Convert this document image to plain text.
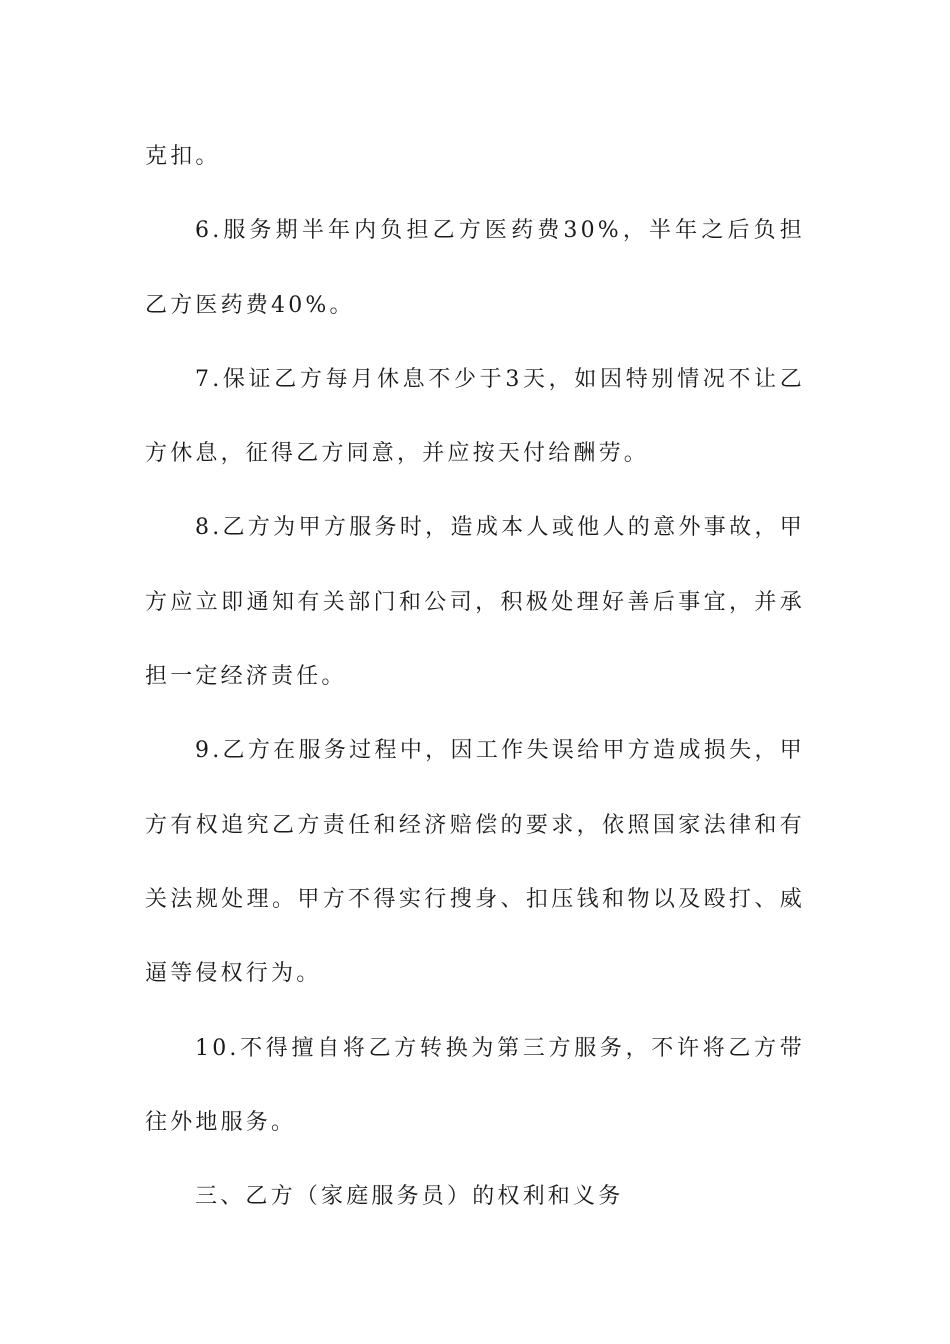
克扣。

6.服务期半年内负担乙方医药费30%，半年之后负担乙方医药费40%。

7.保证乙方每月休息不少于3天，如因特别情况不让乙方休息，征得乙方同意，并应按天付给酬劳。

8.乙方为甲方服务时，造成本人或他人的意外事故，甲方应立即通知有关部门和公司，积极处理好善后事宜，并承担一定经济责任。

9.乙方在服务过程中，因工作失误给甲方造成损失，甲方有权追究乙方责任和经济赔偿的要求，依照国家法律和有关法规处理。甲方不得实行搜身、扣压钱和物以及殴打、威逼等侵权行为。

10.不得擅自将乙方转换为第三方服务，不许将乙方带往外地服务。

三、乙方（家庭服务员）的权利和义务
